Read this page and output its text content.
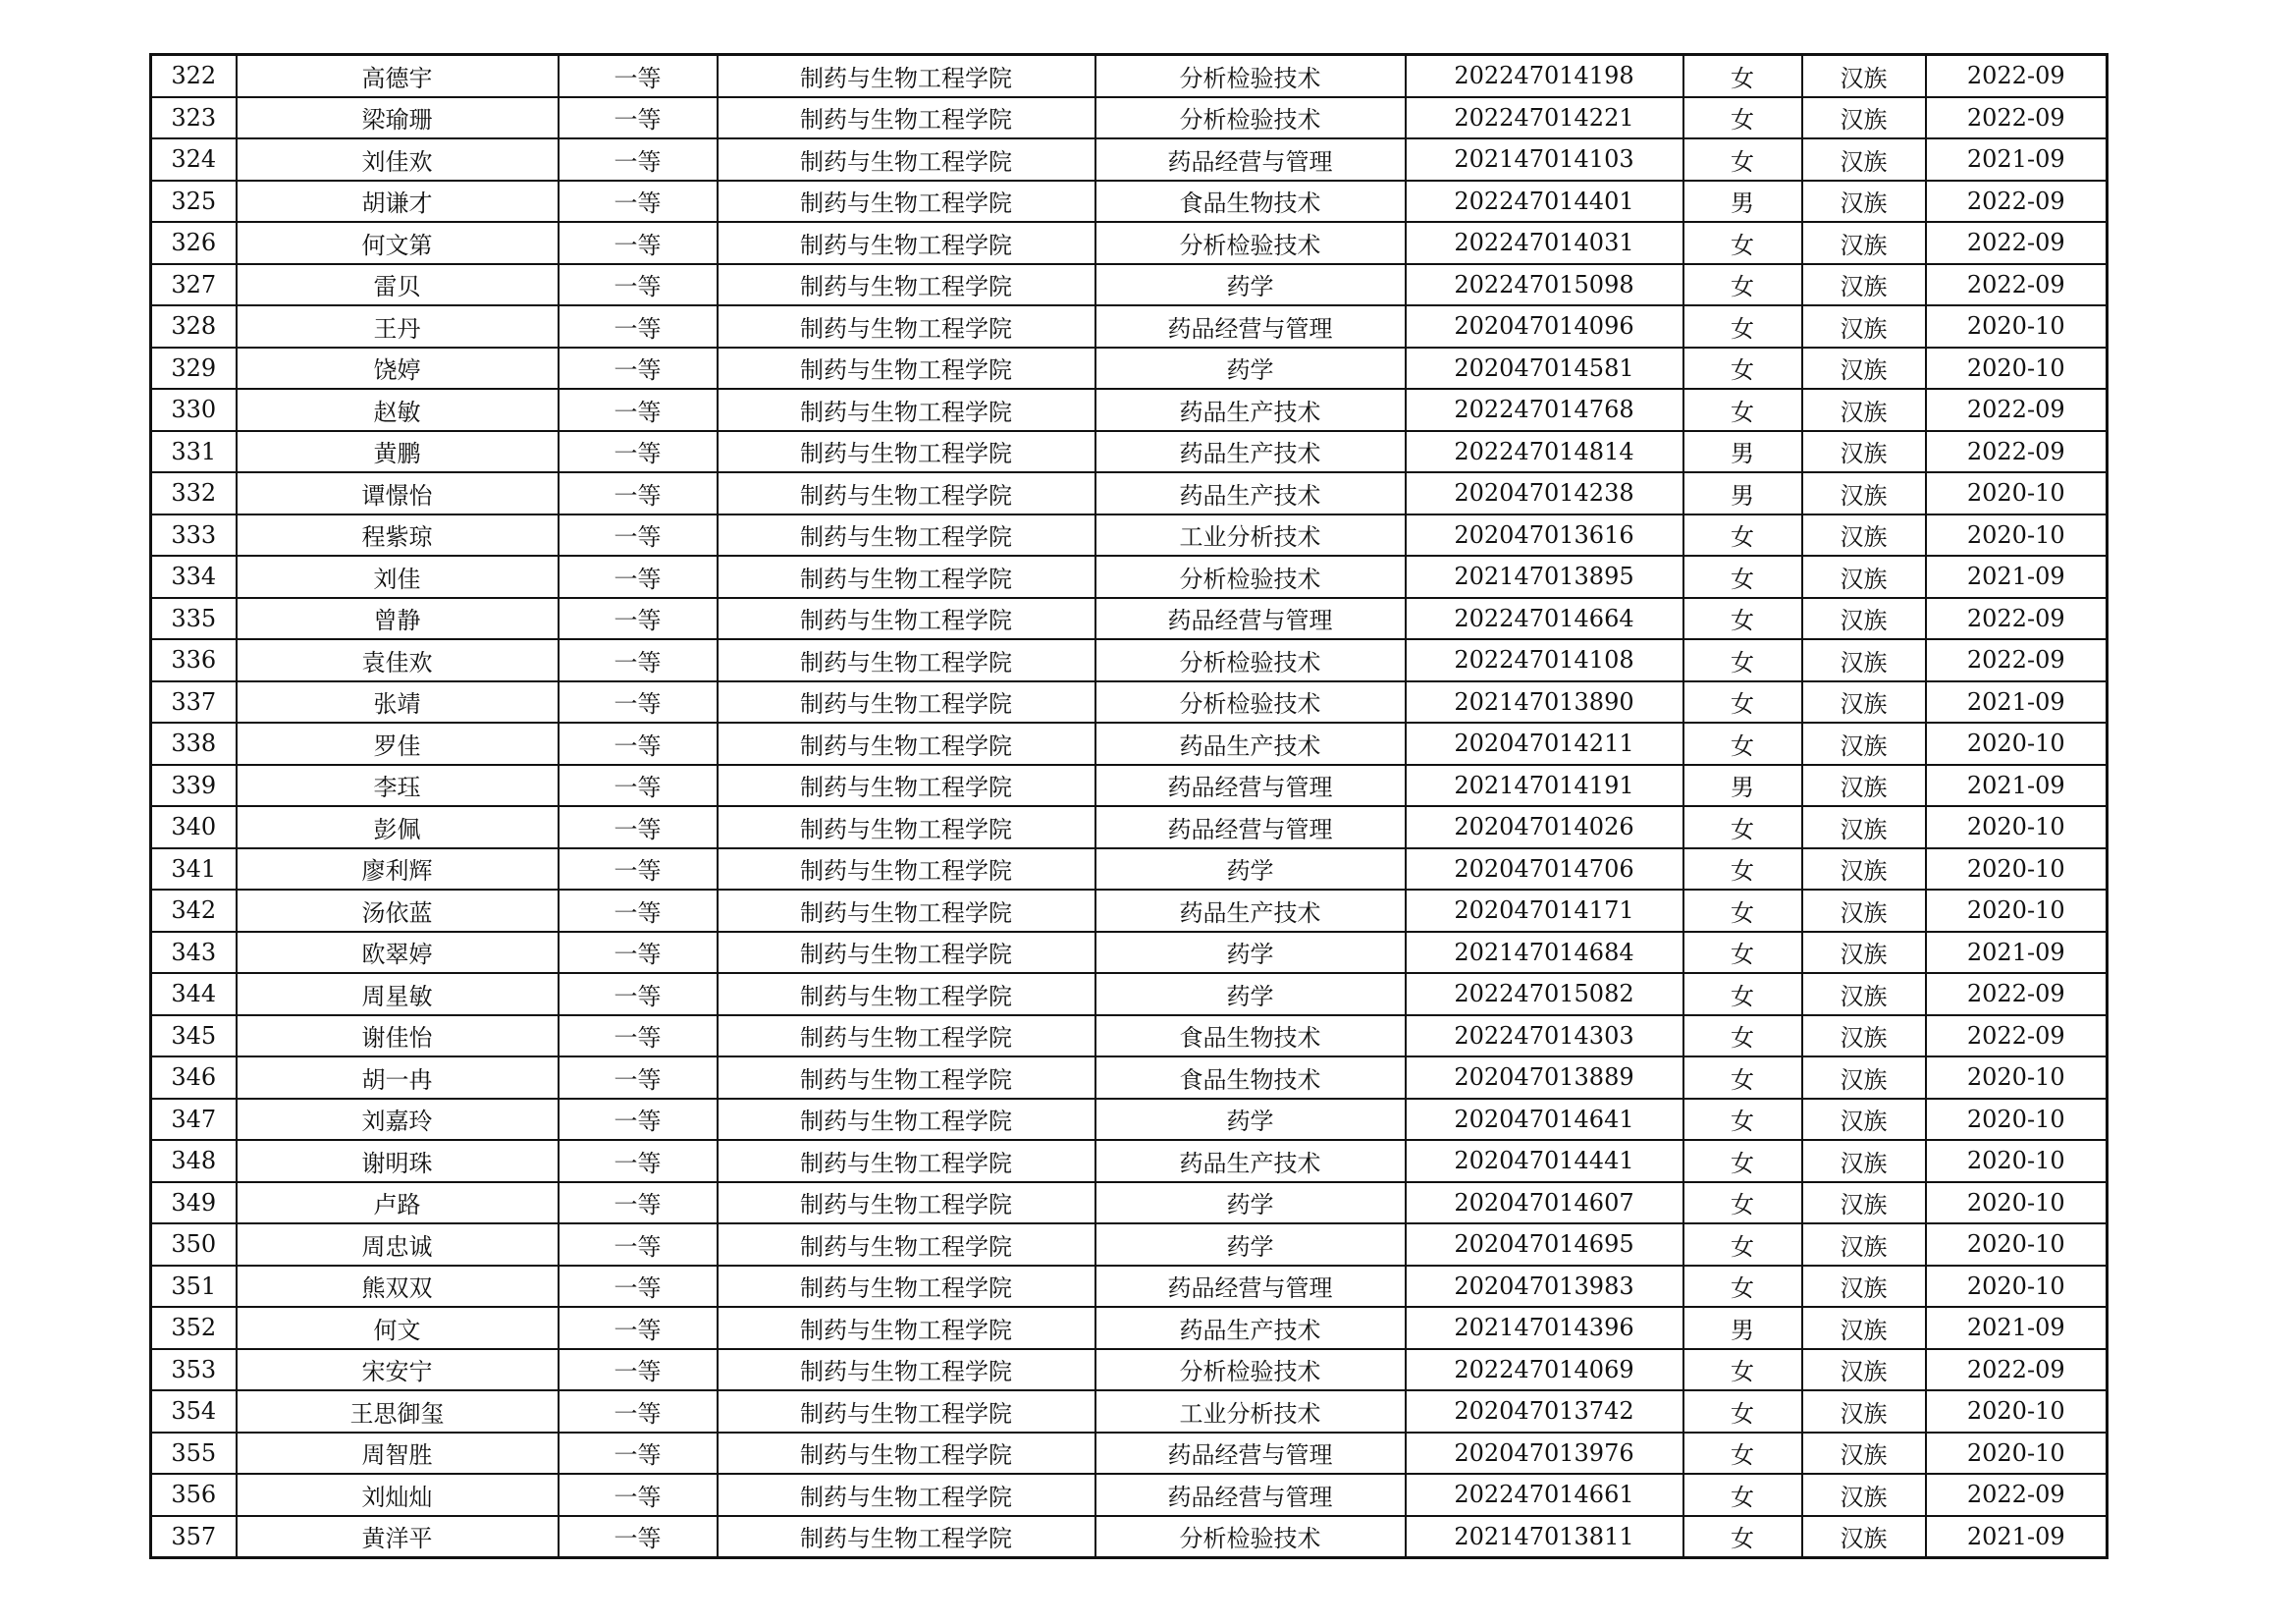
322	高德宇	一等	制药与生物工程学院	分析检验技术	202247014198	女	汉族	2022-09
323	梁瑜珊	一等	制药与生物工程学院	分析检验技术	202247014221	女	汉族	2022-09
324	刘佳欢	一等	制药与生物工程学院	药品经营与管理	202147014103	女	汉族	2021-09
325	胡谦才	一等	制药与生物工程学院	食品生物技术	202247014401	男	汉族	2022-09
326	何文第	一等	制药与生物工程学院	分析检验技术	202247014031	女	汉族	2022-09
327	雷贝	一等	制药与生物工程学院	药学	202247015098	女	汉族	2022-09
328	王丹	一等	制药与生物工程学院	药品经营与管理	202047014096	女	汉族	2020-10
329	饶婷	一等	制药与生物工程学院	药学	202047014581	女	汉族	2020-10
330	赵敏	一等	制药与生物工程学院	药品生产技术	202247014768	女	汉族	2022-09
331	黄鹏	一等	制药与生物工程学院	药品生产技术	202247014814	男	汉族	2022-09
332	谭憬怡	一等	制药与生物工程学院	药品生产技术	202047014238	男	汉族	2020-10
333	程紫琼	一等	制药与生物工程学院	工业分析技术	202047013616	女	汉族	2020-10
334	刘佳	一等	制药与生物工程学院	分析检验技术	202147013895	女	汉族	2021-09
335	曾静	一等	制药与生物工程学院	药品经营与管理	202247014664	女	汉族	2022-09
336	袁佳欢	一等	制药与生物工程学院	分析检验技术	202247014108	女	汉族	2022-09
337	张靖	一等	制药与生物工程学院	分析检验技术	202147013890	女	汉族	2021-09
338	罗佳	一等	制药与生物工程学院	药品生产技术	202047014211	女	汉族	2020-10
339	李珏	一等	制药与生物工程学院	药品经营与管理	202147014191	男	汉族	2021-09
340	彭佩	一等	制药与生物工程学院	药品经营与管理	202047014026	女	汉族	2020-10
341	廖利辉	一等	制药与生物工程学院	药学	202047014706	女	汉族	2020-10
342	汤依蓝	一等	制药与生物工程学院	药品生产技术	202047014171	女	汉族	2020-10
343	欧翠婷	一等	制药与生物工程学院	药学	202147014684	女	汉族	2021-09
344	周星敏	一等	制药与生物工程学院	药学	202247015082	女	汉族	2022-09
345	谢佳怡	一等	制药与生物工程学院	食品生物技术	202247014303	女	汉族	2022-09
346	胡一冉	一等	制药与生物工程学院	食品生物技术	202047013889	女	汉族	2020-10
347	刘嘉玲	一等	制药与生物工程学院	药学	202047014641	女	汉族	2020-10
348	谢明珠	一等	制药与生物工程学院	药品生产技术	202047014441	女	汉族	2020-10
349	卢路	一等	制药与生物工程学院	药学	202047014607	女	汉族	2020-10
350	周忠诚	一等	制药与生物工程学院	药学	202047014695	女	汉族	2020-10
351	熊双双	一等	制药与生物工程学院	药品经营与管理	202047013983	女	汉族	2020-10
352	何文	一等	制药与生物工程学院	药品生产技术	202147014396	男	汉族	2021-09
353	宋安宁	一等	制药与生物工程学院	分析检验技术	202247014069	女	汉族	2022-09
354	王思御玺	一等	制药与生物工程学院	工业分析技术	202047013742	女	汉族	2020-10
355	周智胜	一等	制药与生物工程学院	药品经营与管理	202047013976	女	汉族	2020-10
356	刘灿灿	一等	制药与生物工程学院	药品经营与管理	202247014661	女	汉族	2022-09
357	黄洋平	一等	制药与生物工程学院	分析检验技术	202147013811	女	汉族	2021-09
